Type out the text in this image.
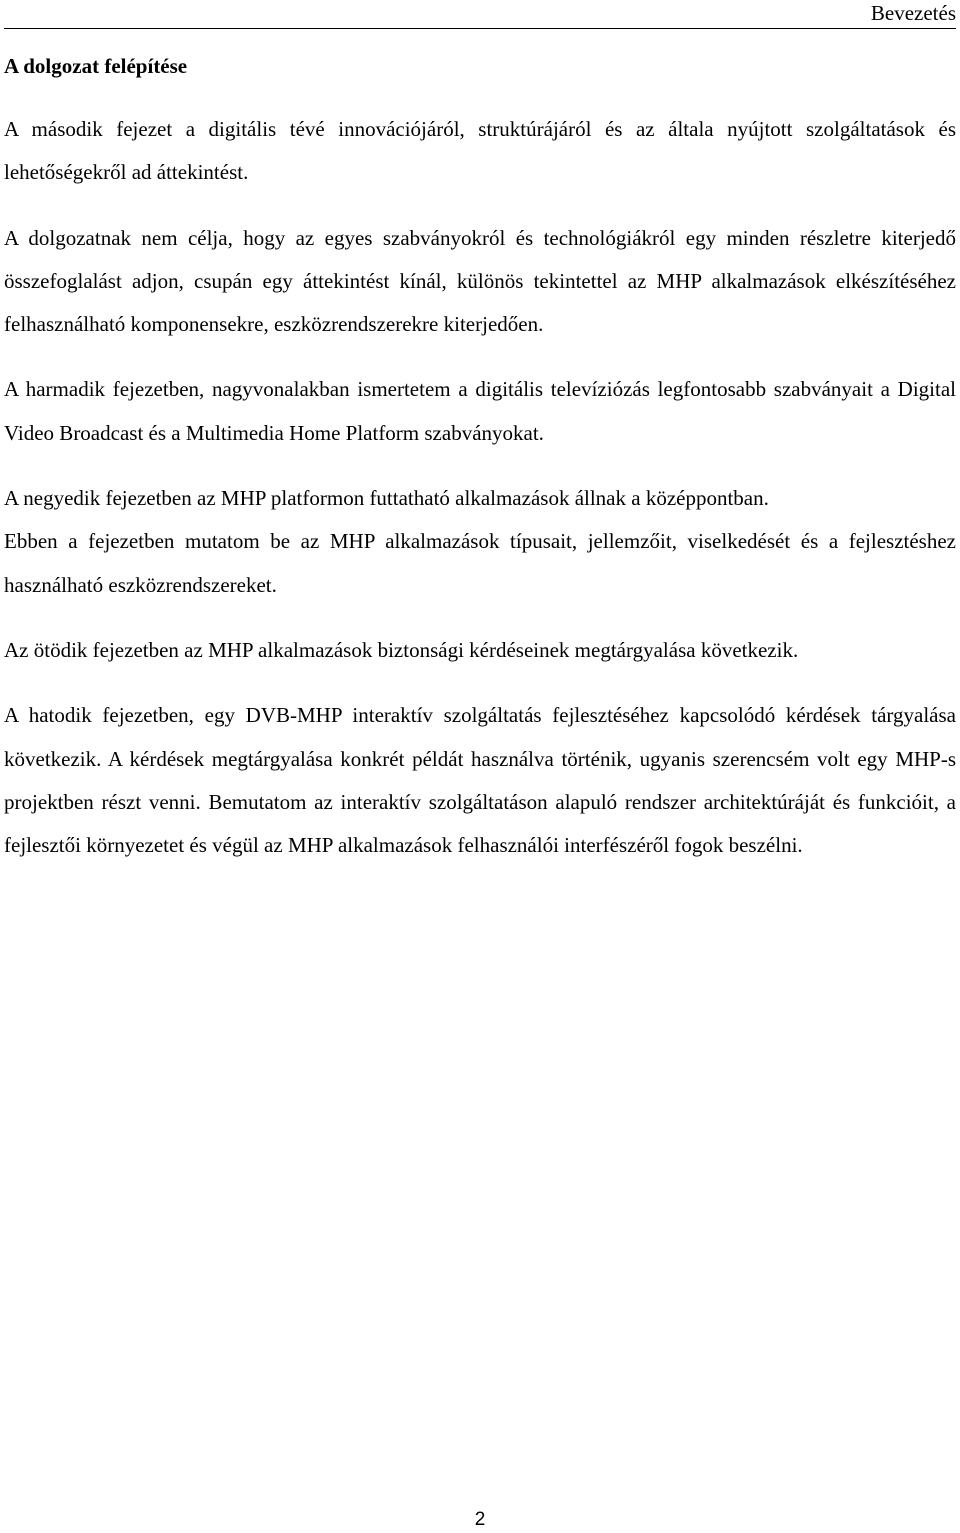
Bevezetés
A dolgozat felépítése

A második fejezet a digitális tévé innovációjáról, struktúrájáról és az általa nyújtott szolgáltatások és lehetőségekről ad áttekintést.

A dolgozatnak nem célja, hogy az egyes szabványokról és technológiákról egy minden részletre kiterjedő összefoglalást adjon, csupán egy áttekintést kínál, különös tekintettel az MHP alkalmazások elkészítéséhez felhasználható komponensekre, eszközrendszerekre kiterjedően.

A harmadik fejezetben, nagyvonalakban ismertetem a digitális televíziózás legfontosabb szabványait a Digital Video Broadcast és a Multimedia Home Platform szabványokat.

A negyedik fejezetben az MHP platformon futtatható alkalmazások állnak a középpontban.

Ebben a fejezetben mutatom be az MHP alkalmazások típusait, jellemzőit, viselkedését és a fejlesztéshez használható eszközrendszereket.

Az ötödik fejezetben az MHP alkalmazások biztonsági kérdéseinek megtárgyalása következik.

A hatodik fejezetben, egy DVB-MHP interaktív szolgáltatás fejlesztéséhez kapcsolódó kérdések tárgyalása következik. A kérdések megtárgyalása konkrét példát használva történik, ugyanis szerencsém volt egy MHP-s projektben részt venni. Bemutatom az interaktív szolgáltatáson alapuló rendszer architektúráját és funkcióit, a fejlesztői környezetet és végül az MHP alkalmazások felhasználói interfészéről fogok beszélni.

2
